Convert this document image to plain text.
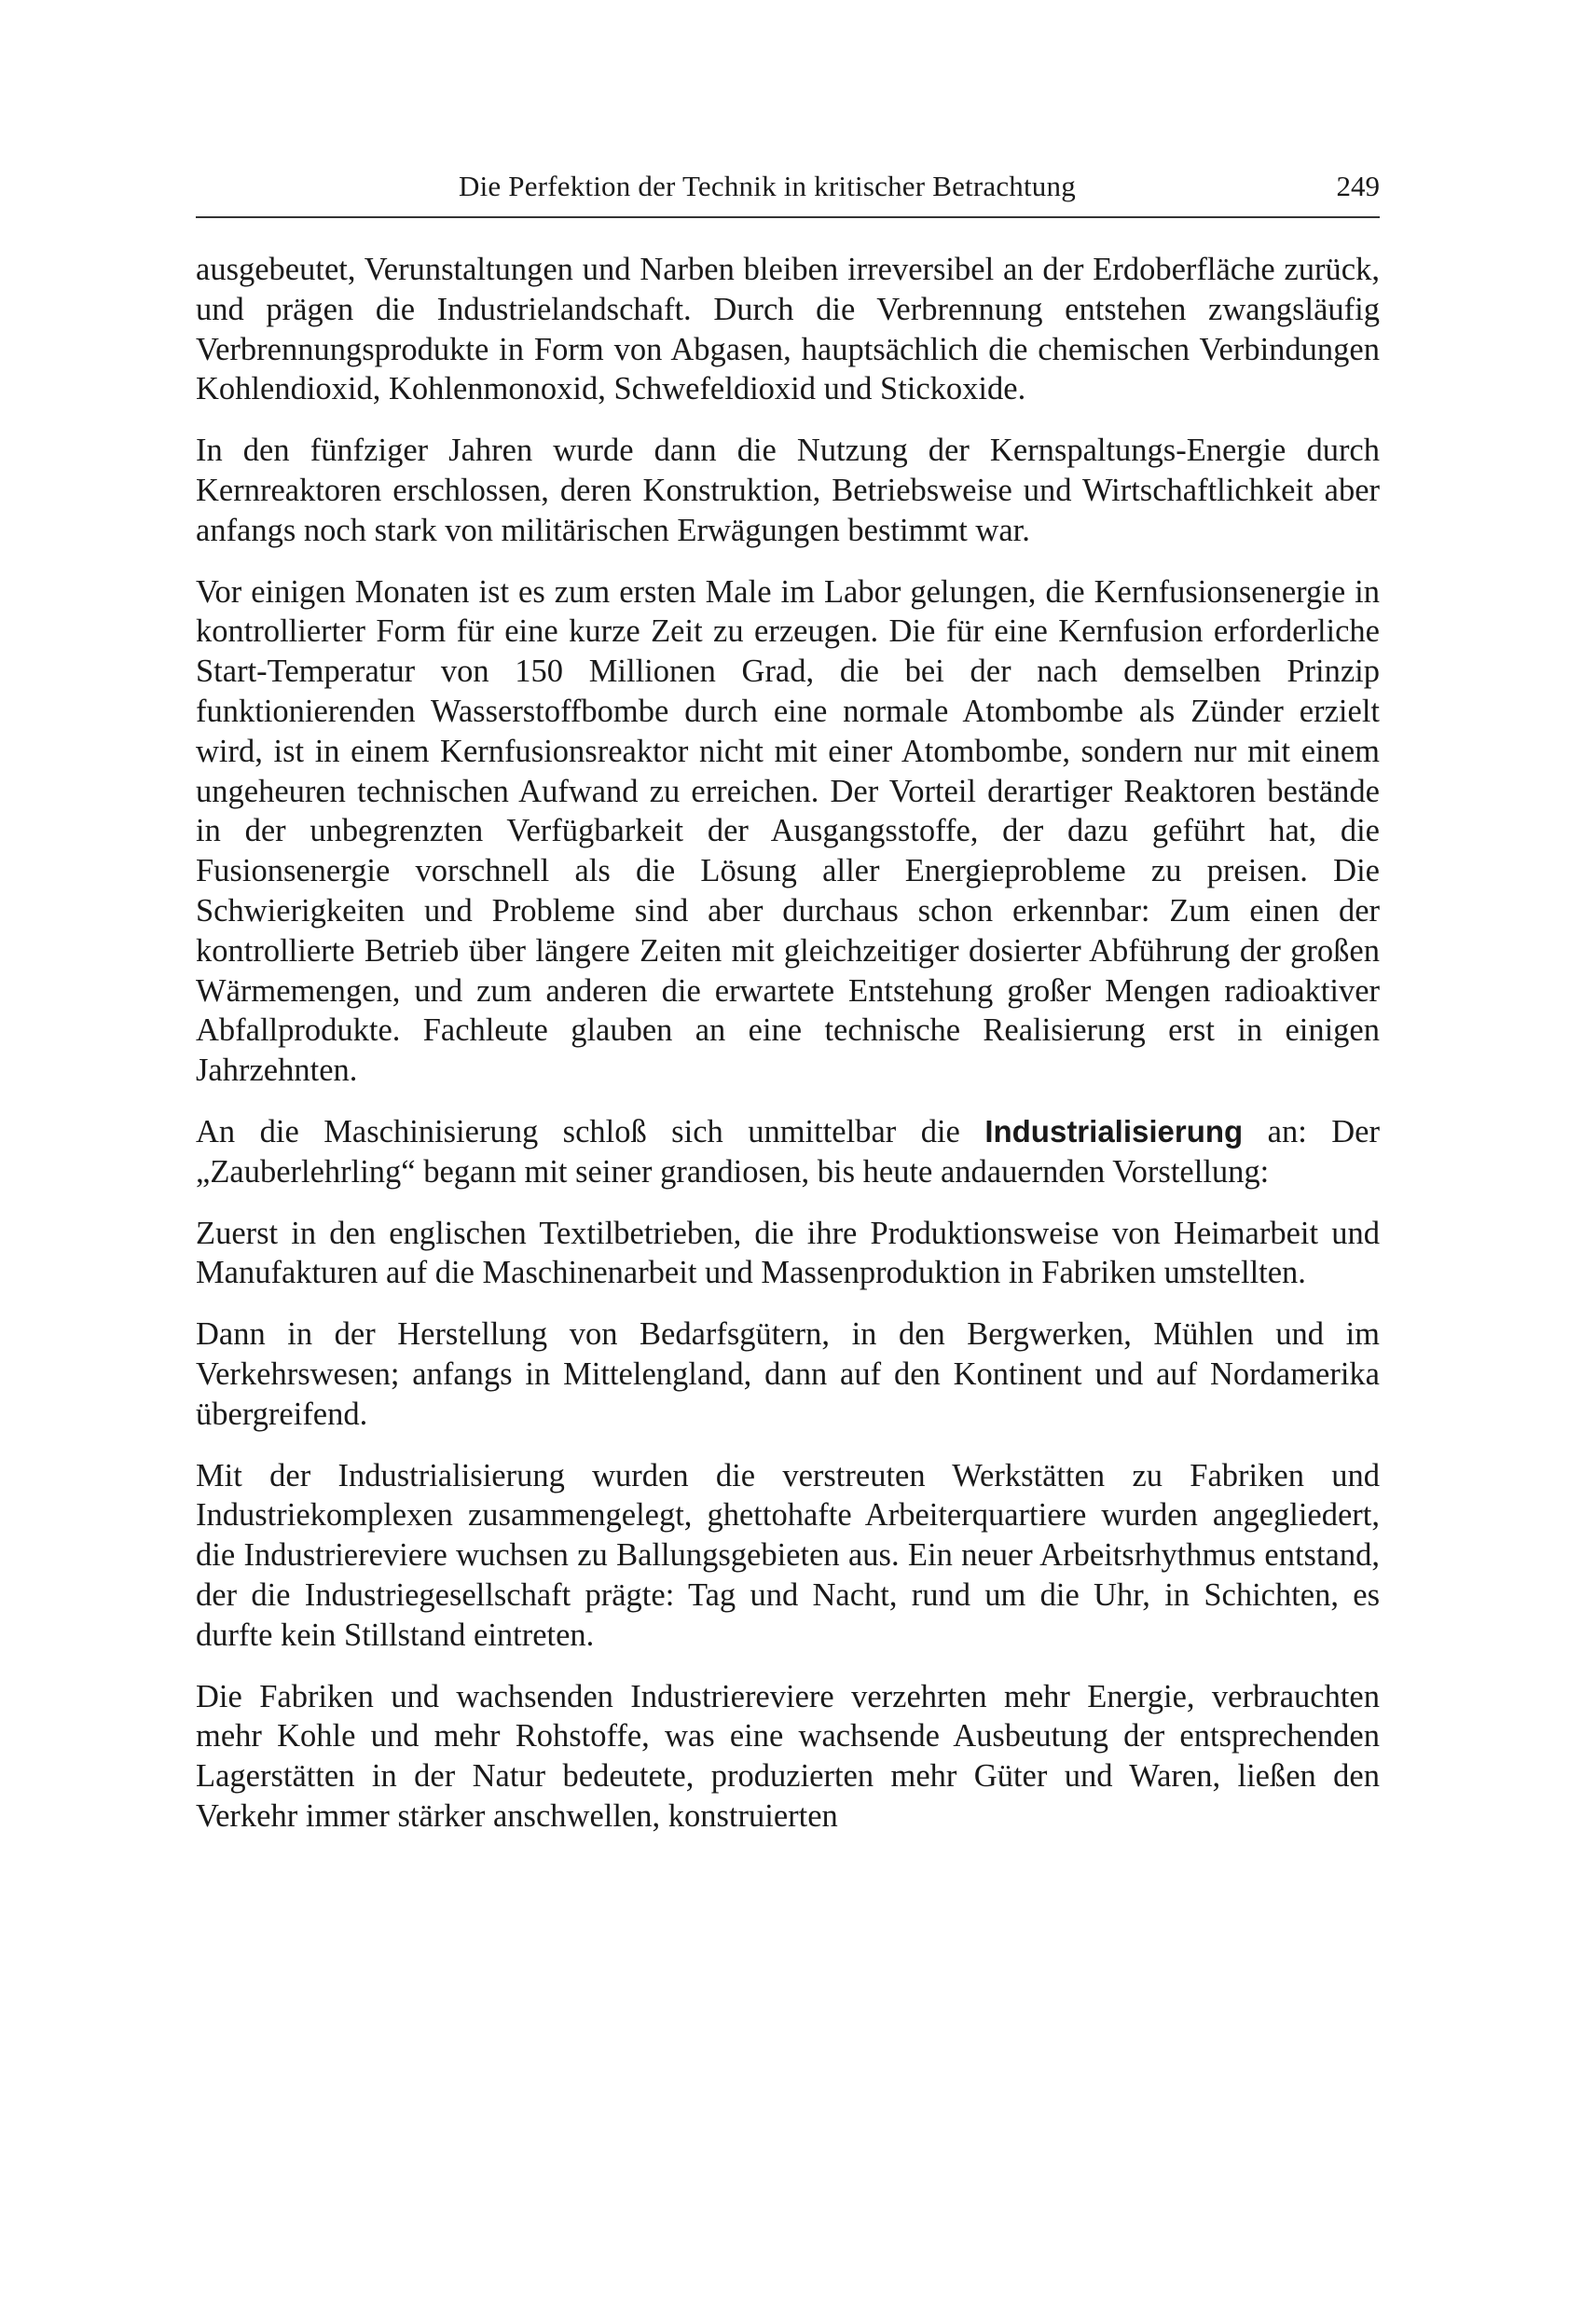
Die Perfektion der Technik in kritischer Betrachtung	249

ausgebeutet, Verunstaltungen und Narben bleiben irreversibel an der Erdoberfläche zurück, und prägen die Industrielandschaft. Durch die Verbrennung entstehen zwangsläufig Verbrennungsprodukte in Form von Abgasen, hauptsächlich die chemischen Verbindungen Kohlendioxid, Kohlenmonoxid, Schwefeldioxid und Stickoxide.

In den fünfziger Jahren wurde dann die Nutzung der Kernspaltungs-Energie durch Kernreaktoren erschlossen, deren Konstruktion, Betriebsweise und Wirtschaftlichkeit aber anfangs noch stark von militärischen Erwägungen bestimmt war.

Vor einigen Monaten ist es zum ersten Male im Labor gelungen, die Kernfusionsenergie in kontrollierter Form für eine kurze Zeit zu erzeugen. Die für eine Kernfusion erforderliche Start-Temperatur von 150 Millionen Grad, die bei der nach demselben Prinzip funktionierenden Wasserstoffbombe durch eine normale Atombombe als Zünder erzielt wird, ist in einem Kernfusionsreaktor nicht mit einer Atombombe, sondern nur mit einem ungeheuren technischen Aufwand zu erreichen. Der Vorteil derartiger Reaktoren bestände in der unbegrenzten Verfügbarkeit der Ausgangsstoffe, der dazu geführt hat, die Fusionsenergie vorschnell als die Lösung aller Energieprobleme zu preisen. Die Schwierigkeiten und Probleme sind aber durchaus schon erkennbar: Zum einen der kontrollierte Betrieb über längere Zeiten mit gleichzeitiger dosierter Abführung der großen Wärmemengen, und zum anderen die erwartete Entstehung großer Mengen radioaktiver Abfallprodukte. Fachleute glauben an eine technische Realisierung erst in einigen Jahrzehnten.

An die Maschinisierung schloß sich unmittelbar die Industrialisierung an: Der „Zauberlehrling“ begann mit seiner grandiosen, bis heute andauernden Vorstellung:

Zuerst in den englischen Textilbetrieben, die ihre Produktionsweise von Heimarbeit und Manufakturen auf die Maschinenarbeit und Massenproduktion in Fabriken umstellten.

Dann in der Herstellung von Bedarfsgütern, in den Bergwerken, Mühlen und im Verkehrswesen; anfangs in Mittelengland, dann auf den Kontinent und auf Nordamerika übergreifend.

Mit der Industrialisierung wurden die verstreuten Werkstätten zu Fabriken und Industriekomplexen zusammengelegt, ghettohafte Arbeiterquartiere wurden angegliedert, die Industriereviere wuchsen zu Ballungsgebieten aus. Ein neuer Arbeitsrhythmus entstand, der die Industriegesellschaft prägte: Tag und Nacht, rund um die Uhr, in Schichten, es durfte kein Stillstand eintreten.

Die Fabriken und wachsenden Industriereviere verzehrten mehr Energie, verbrauchten mehr Kohle und mehr Rohstoffe, was eine wachsende Ausbeutung der entsprechenden Lagerstätten in der Natur bedeutete, produzierten mehr Güter und Waren, ließen den Verkehr immer stärker anschwellen, konstruierten
